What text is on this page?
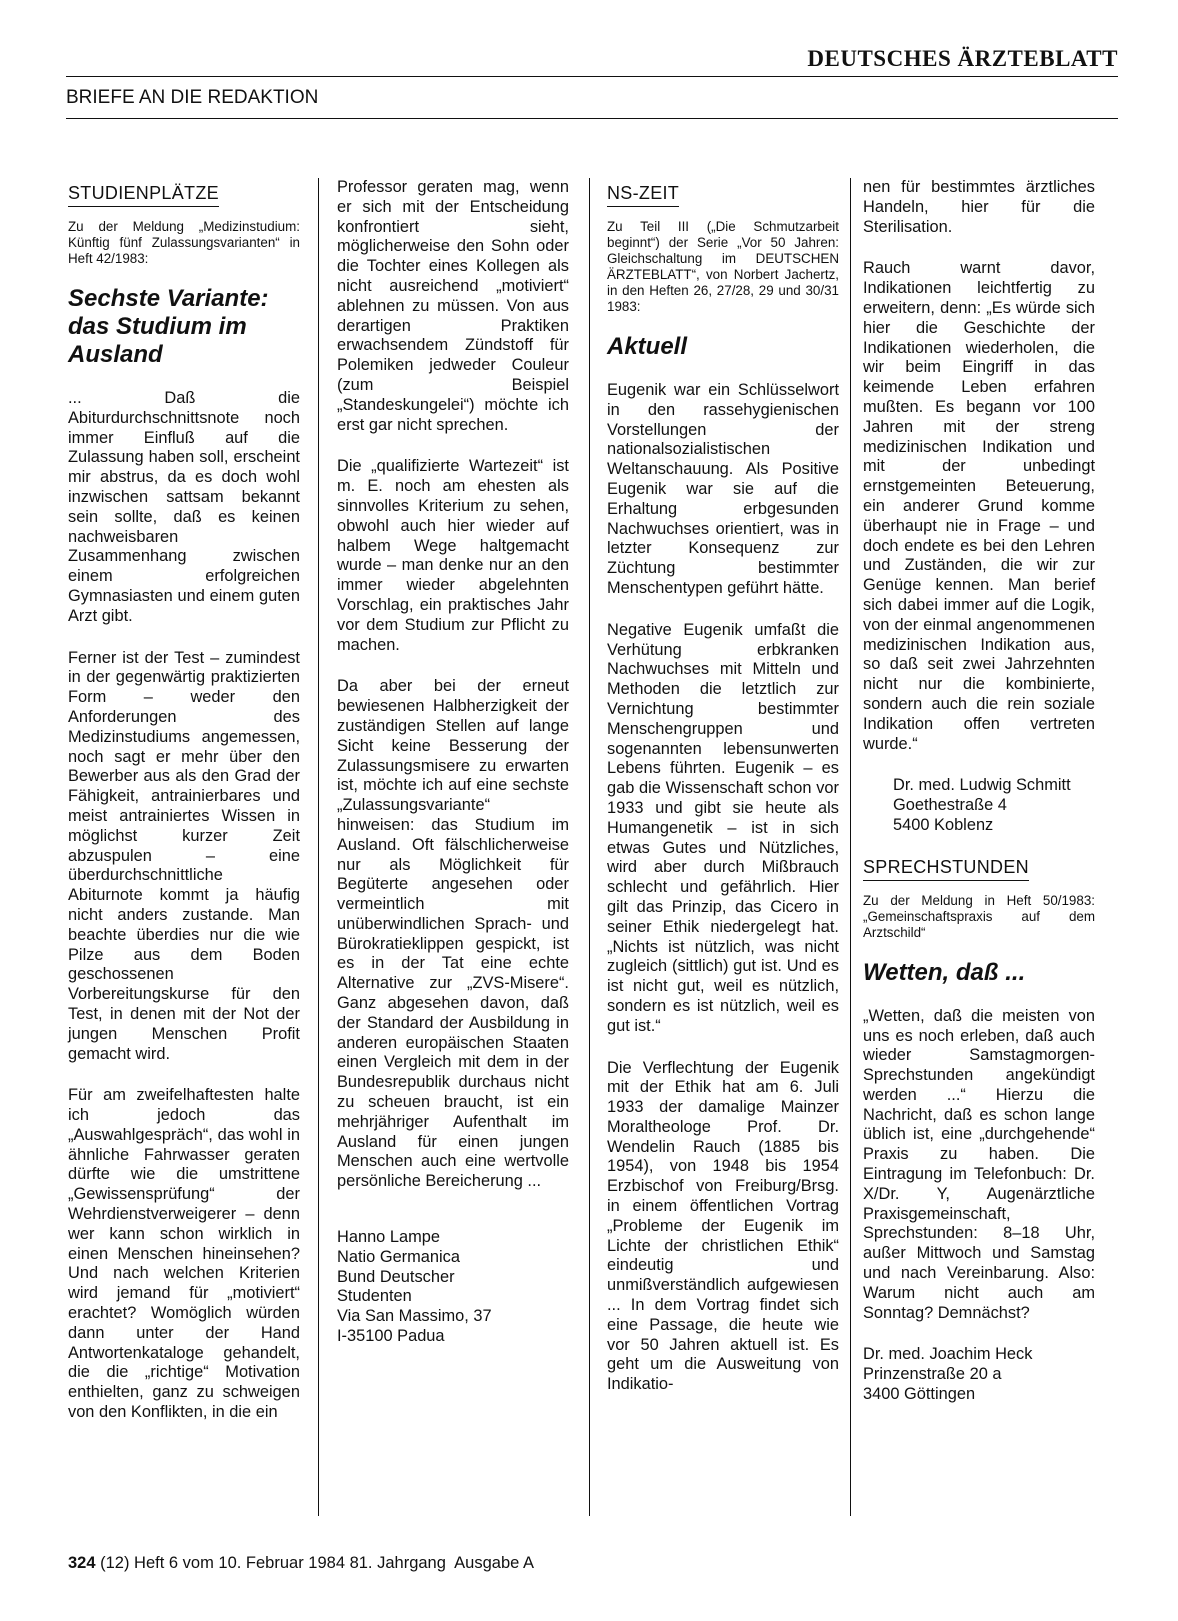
DEUTSCHES ÄRZTEBLATT
BRIEFE AN DIE REDAKTION
STUDIENPLÄTZE

Zu der Meldung „Medizinstudium: Künftig fünf Zulassungsvarianten“ in Heft 42/1983:

Sechste Variante: das Studium im Ausland

... Daß die Abiturdurchschnittsnote noch immer Einfluß auf die Zulassung haben soll, erscheint mir abstrus, da es doch wohl inzwischen sattsam bekannt sein sollte, daß es keinen nachweisbaren Zusammenhang zwischen einem erfolgreichen Gymnasiasten und einem guten Arzt gibt.

Ferner ist der Test – zumindest in der gegenwärtig praktizierten Form – weder den Anforderungen des Medizinstudiums angemessen, noch sagt er mehr über den Bewerber aus als den Grad der Fähigkeit, antrainierbares und meist antrainiertes Wissen in möglichst kurzer Zeit abzuspulen – eine überdurchschnittliche Abiturnote kommt ja häufig nicht anders zustande. Man beachte überdies nur die wie Pilze aus dem Boden geschossenen Vorbereitungskurse für den Test, in denen mit der Not der jungen Menschen Profit gemacht wird.

Für am zweifelhaftesten halte ich jedoch das „Auswahlgespräch“, das wohl in ähnliche Fahrwasser geraten dürfte wie die umstrittene „Gewissensprüfung“ der Wehrdienstverweigerer – denn wer kann schon wirklich in einen Menschen hineinsehen? Und nach welchen Kriterien wird jemand für „motiviert“ erachtet? Womöglich würden dann unter der Hand Antwortenkataloge gehandelt, die die „richtige“ Motivation enthielten, ganz zu schweigen von den Konflikten, in die ein

Professor geraten mag, wenn er sich mit der Entscheidung konfrontiert sieht, möglicherweise den Sohn oder die Tochter eines Kollegen als nicht ausreichend „motiviert“ ablehnen zu müssen. Von aus derartigen Praktiken erwachsendem Zündstoff für Polemiken jedweder Couleur (zum Beispiel „Standeskungelei“) möchte ich erst gar nicht sprechen.

Die „qualifizierte Wartezeit“ ist m. E. noch am ehesten als sinnvolles Kriterium zu sehen, obwohl auch hier wieder auf halbem Wege haltgemacht wurde – man denke nur an den immer wieder abgelehnten Vorschlag, ein praktisches Jahr vor dem Studium zur Pflicht zu machen.

Da aber bei der erneut bewiesenen Halbherzigkeit der zuständigen Stellen auf lange Sicht keine Besserung der Zulassungsmisere zu erwarten ist, möchte ich auf eine sechste „Zulassungsvariante“ hinweisen: das Studium im Ausland. Oft fälschlicherweise nur als Möglichkeit für Begüterte angesehen oder vermeintlich mit unüberwindlichen Sprach- und Bürokratieklippen gespickt, ist es in der Tat eine echte Alternative zur „ZVS-Misere“. Ganz abgesehen davon, daß der Standard der Ausbildung in anderen europäischen Staaten einen Vergleich mit dem in der Bundesrepublik durchaus nicht zu scheuen braucht, ist ein mehrjähriger Aufenthalt im Ausland für einen jungen Menschen auch eine wertvolle persönliche Bereicherung ...

Hanno Lampe
Natio Germanica
Bund Deutscher
Studenten
Via San Massimo, 37
I-35100 Padua
NS-ZEIT

Zu Teil III („Die Schmutzarbeit beginnt“) der Serie „Vor 50 Jahren: Gleichschaltung im DEUTSCHEN ÄRZTEBLATT“, von Norbert Jachertz, in den Heften 26, 27/28, 29 und 30/31 1983:

Aktuell

Eugenik war ein Schlüsselwort in den rassehygienischen Vorstellungen der nationalsozialistischen Weltanschauung. Als Positive Eugenik war sie auf die Erhaltung erbgesunden Nachwuchses orientiert, was in letzter Konsequenz zur Züchtung bestimmter Menschentypen geführt hätte.

Negative Eugenik umfaßt die Verhütung erbkranken Nachwuchses mit Mitteln und Methoden die letztlich zur Vernichtung bestimmter Menschengruppen und sogenannten lebensunwerten Lebens führten. Eugenik – es gab die Wissenschaft schon vor 1933 und gibt sie heute als Humangenetik – ist in sich etwas Gutes und Nützliches, wird aber durch Mißbrauch schlecht und gefährlich. Hier gilt das Prinzip, das Cicero in seiner Ethik niedergelegt hat. „Nichts ist nützlich, was nicht zugleich (sittlich) gut ist. Und es ist nicht gut, weil es nützlich, sondern es ist nützlich, weil es gut ist.“

Die Verflechtung der Eugenik mit der Ethik hat am 6. Juli 1933 der damalige Mainzer Moraltheologe Prof. Dr. Wendelin Rauch (1885 bis 1954), von 1948 bis 1954 Erzbischof von Freiburg/Brsg. in einem öffentlichen Vortrag „Probleme der Eugenik im Lichte der christlichen Ethik“ eindeutig und unmißverständlich aufgewiesen ... In dem Vortrag findet sich eine Passage, die heute wie vor 50 Jahren aktuell ist. Es geht um die Ausweitung von Indikatio-

nen für bestimmtes ärztliches Handeln, hier für die Sterilisation.

Rauch warnt davor, Indikationen leichtfertig zu erweitern, denn: „Es würde sich hier die Geschichte der Indikationen wiederholen, die wir beim Eingriff in das keimende Leben erfahren mußten. Es begann vor 100 Jahren mit der streng medizinischen Indikation und mit der unbedingt ernstgemeinten Beteuerung, ein anderer Grund komme überhaupt nie in Frage – und doch endete es bei den Lehren und Zuständen, die wir zur Genüge kennen. Man berief sich dabei immer auf die Logik, von der einmal angenommenen medizinischen Indikation aus, so daß seit zwei Jahrzehnten nicht nur die kombinierte, sondern auch die rein soziale Indikation offen vertreten wurde.“

Dr. med. Ludwig Schmitt
Goethestraße 4
5400 Koblenz
SPRECHSTUNDEN

Zu der Meldung in Heft 50/1983: „Gemeinschaftspraxis auf dem Arztschild“

Wetten, daß ...

„Wetten, daß die meisten von uns es noch erleben, daß auch wieder Samstagmorgen-Sprechstunden angekündigt werden ...“ Hierzu die Nachricht, daß es schon lange üblich ist, eine „durchgehende“ Praxis zu haben. Die Eintragung im Telefonbuch: Dr. X/Dr. Y, Augenärztliche Praxisgemeinschaft, Sprechstunden: 8–18 Uhr, außer Mittwoch und Samstag und nach Vereinbarung. Also: Warum nicht auch am Sonntag? Demnächst?

Dr. med. Joachim Heck
Prinzenstraße 20 a
3400 Göttingen
324 (12) Heft 6 vom 10. Februar 1984 81. Jahrgang  Ausgabe A
